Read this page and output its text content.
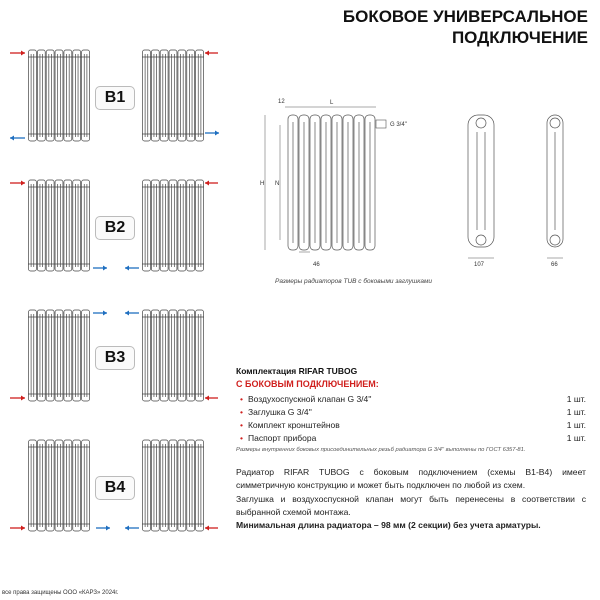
БОКОВОЕ УНИВЕРСАЛЬНОЕ
ПОДКЛЮЧЕНИЕ
B1
B2
B3
B4
12	L
G 3/4''
H N
46	107	66
Размеры радиаторов TUB с боковыми заглушками
Комплектация RIFAR TUBOG
С БОКОВЫМ ПОДКЛЮЧЕНИЕМ:
• Воздухоспускной клапан G 3/4''	1 шт.
• Заглушка G 3/4''	1 шт.
• Комплект кронштейнов	1 шт.
• Паспорт прибора	1 шт.
Размеры внутренних боковых присоединительных резьб радиатора G 3/4'' выполнены по ГОСТ 6357-81.
Радиатор RIFAR TUBOG с боковым подключением (схемы B1-B4) имеет симметричную конструкцию и может быть подключен по любой из схем.
Заглушка и воздухоспускной клапан могут быть перенесены в соответствии с выбранной схемой монтажа.
Минимальная длина радиатора – 98 мм (2 секции) без учета арматуры.
все права защищены ООО «КАРЗ» 2024г.
